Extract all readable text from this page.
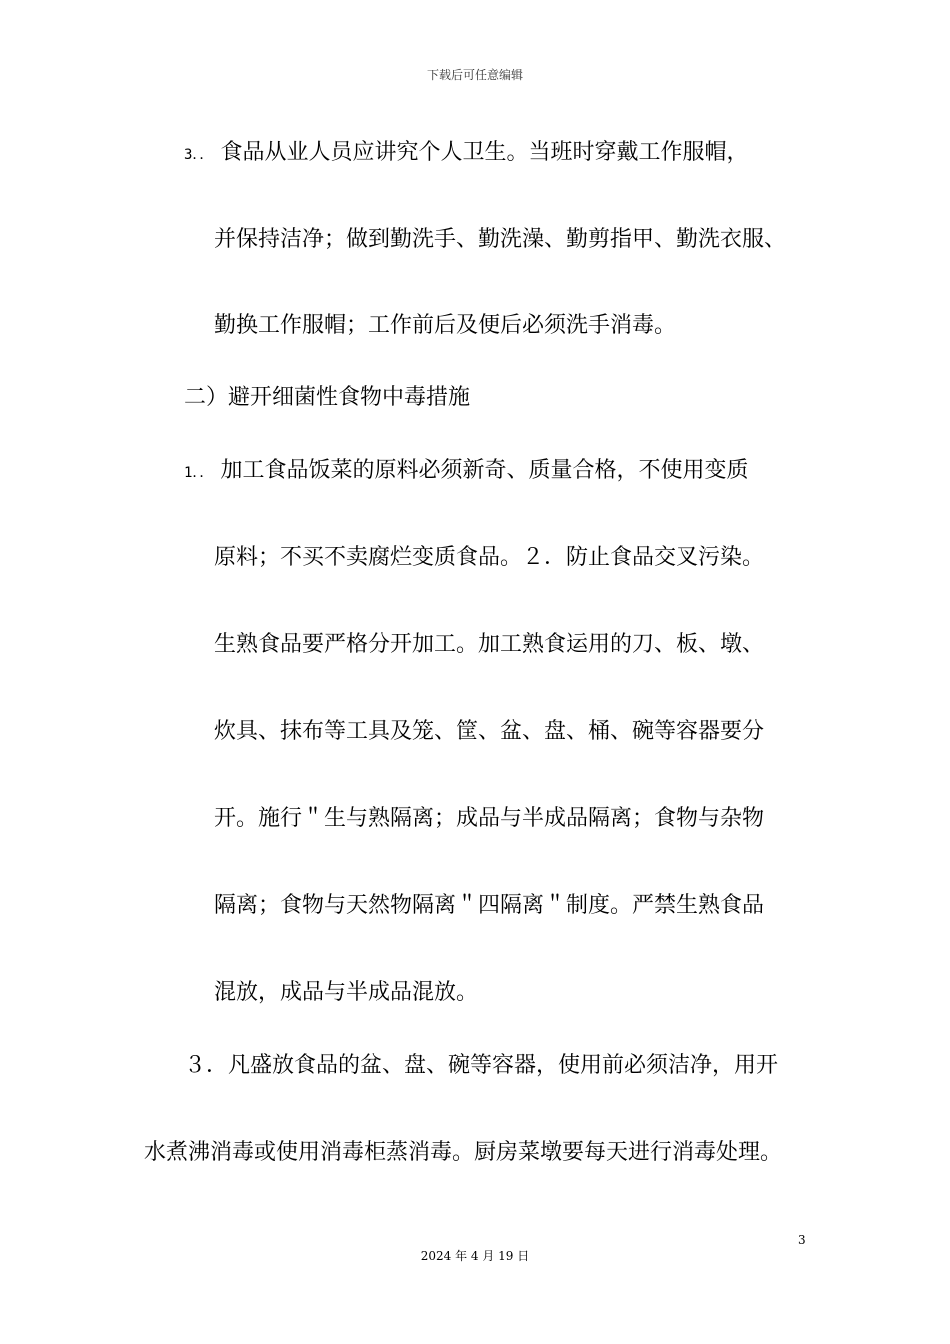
下载后可任意编辑
3．． 食品从业人员应讲究个人卫生。当班时穿戴工作服帽，
并保持洁净；做到勤洗手、勤洗澡、勤剪指甲、勤洗衣服、
勤换工作服帽；工作前后及便后必须洗手消毒。
二）避开细菌性食物中毒措施
1．． 加工食品饭菜的原料必须新奇、质量合格，不使用变质
原料；不买不卖腐烂变质食品。２．防止食品交叉污染。
生熟食品要严格分开加工。加工熟食运用的刀、板、墩、
炊具、抹布等工具及笼、筐、盆、盘、桶、碗等容器要分
开。施行＂生与熟隔离；成品与半成品隔离；食物与杂物
隔离；食物与天然物隔离＂四隔离＂制度。严禁生熟食品
混放，成品与半成品混放。
３．凡盛放食品的盆、盘、碗等容器，使用前必须洁净，用开
水煮沸消毒或使用消毒柜蒸消毒。厨房菜墩要每天进行消毒处理。
3
2024 年 4 月 19 日
